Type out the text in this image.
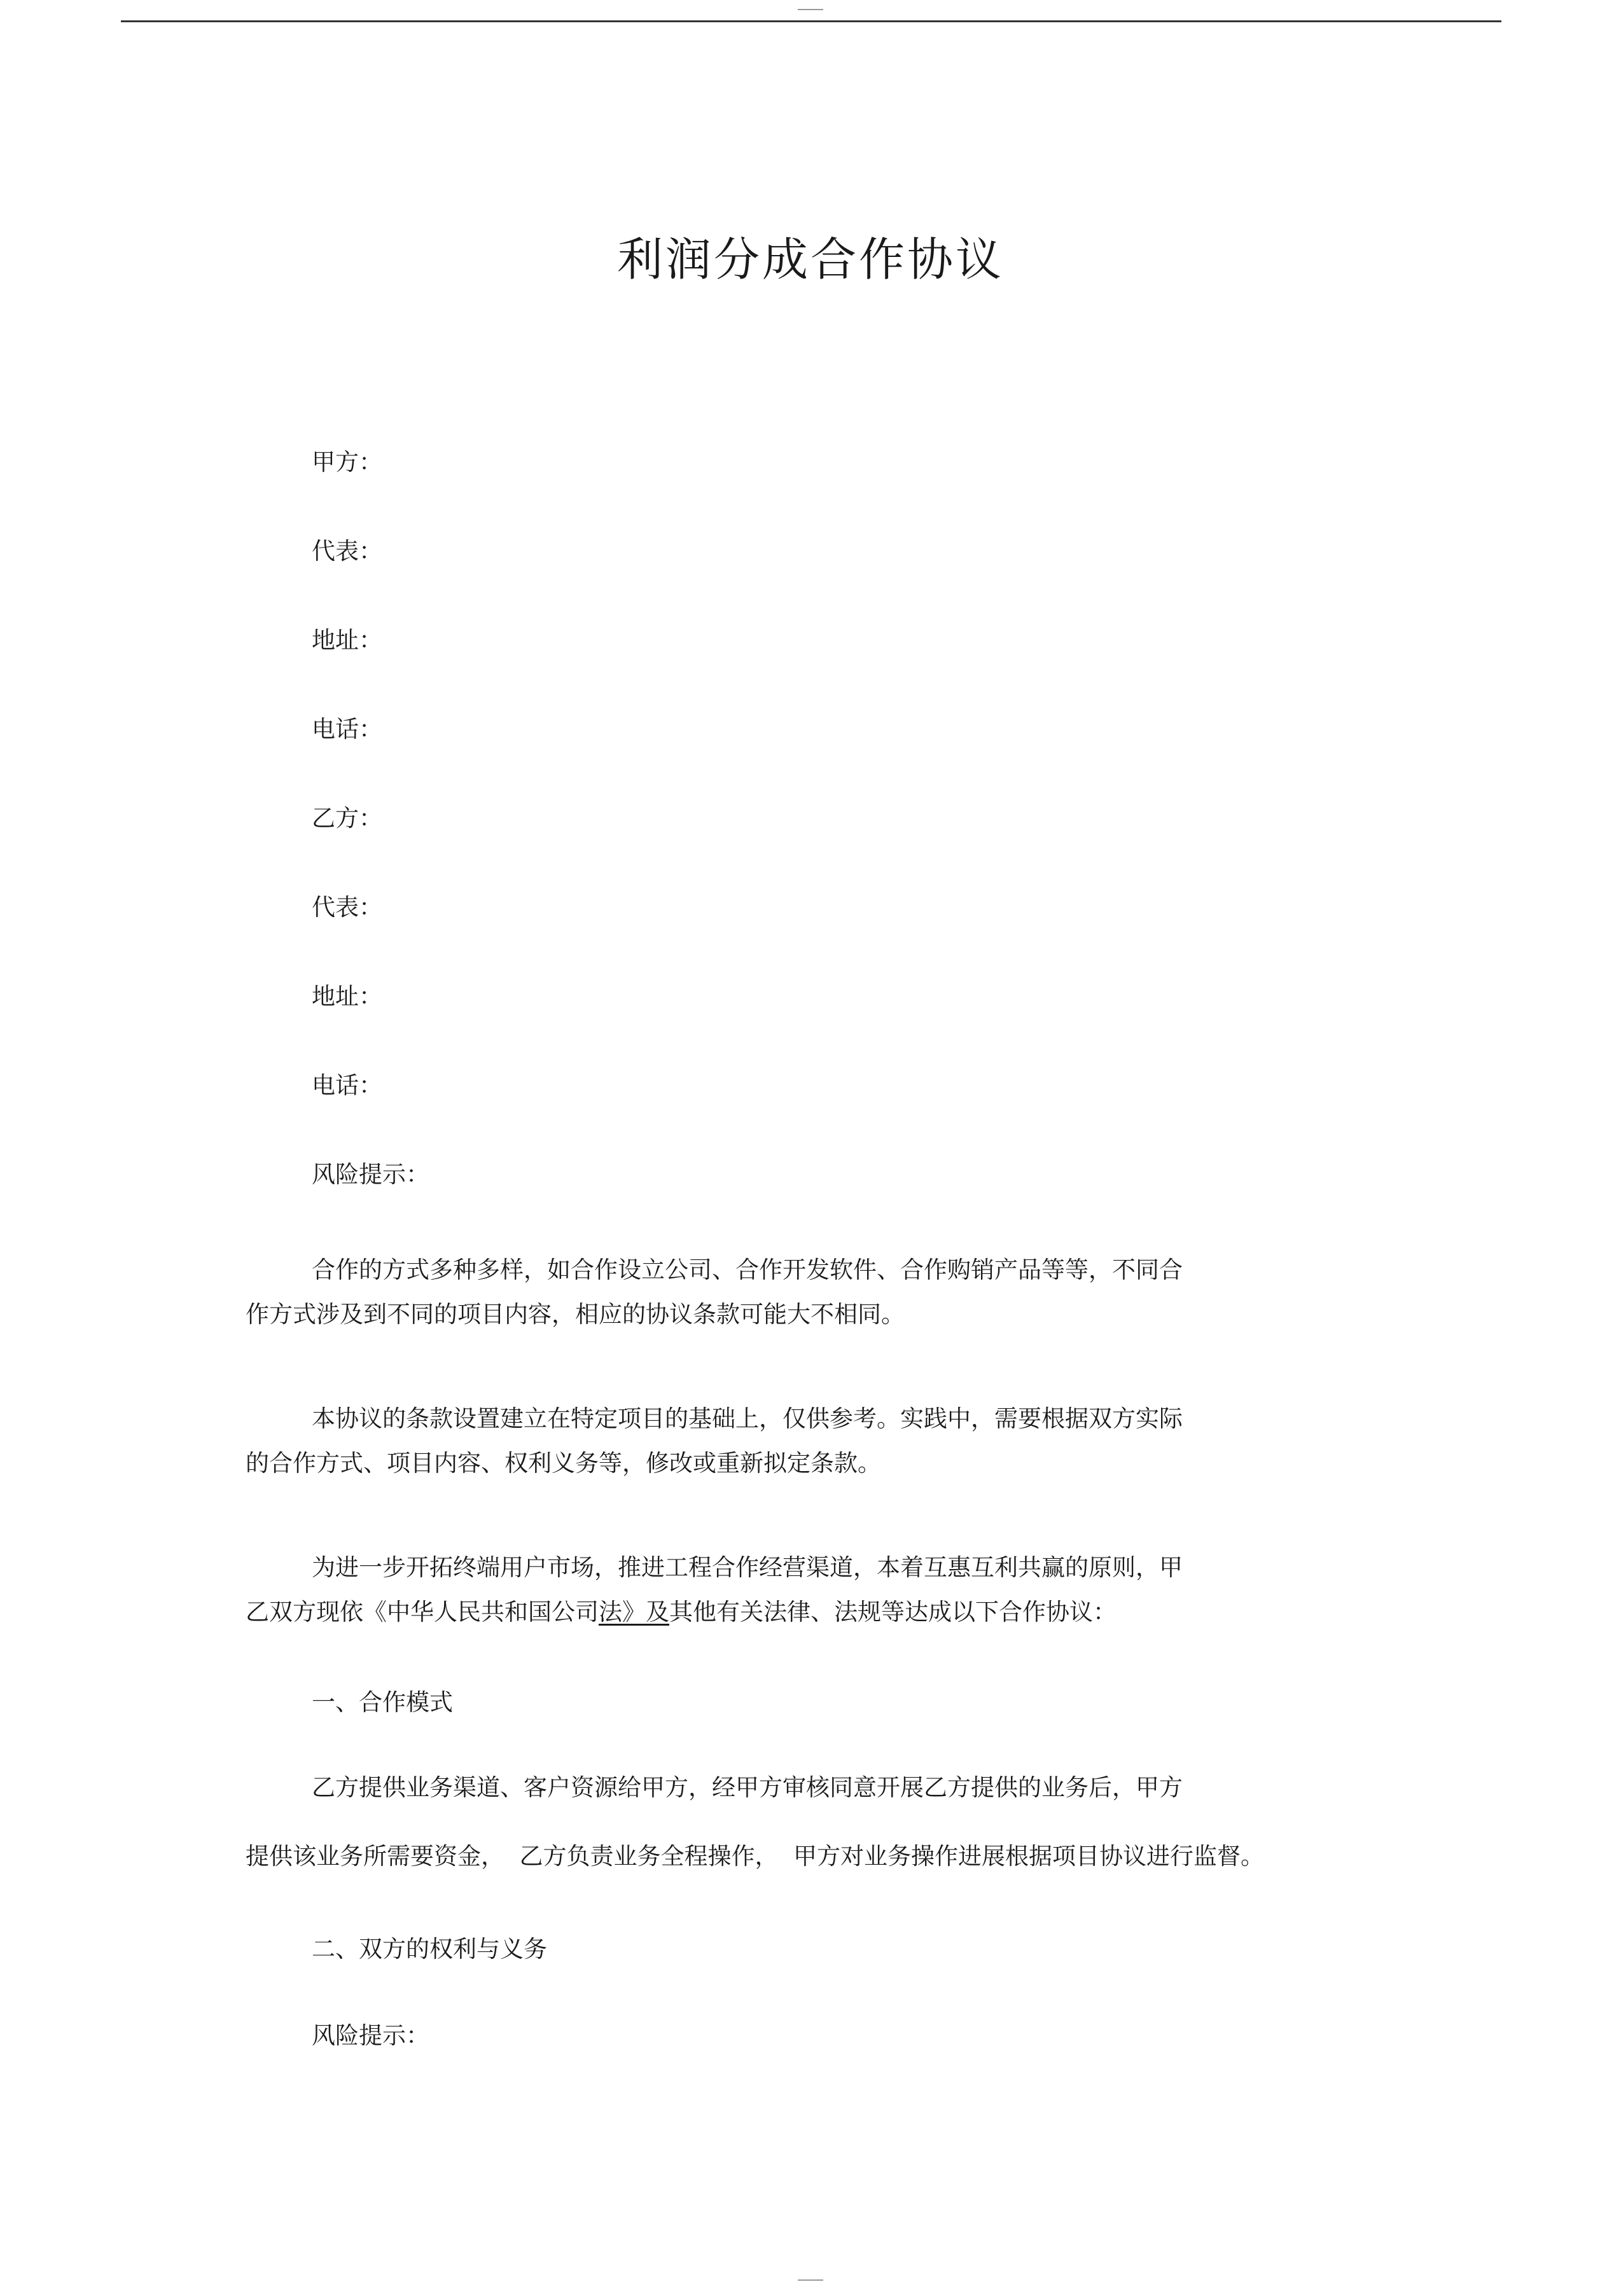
利润分成合作协议
甲方：
代表：
地址：
电话：
乙方：
代表：
地址：
电话：
风险提示：
合作的方式多种多样，如合作设立公司、合作开发软件、合作购销产品等等，不同合
作方式涉及到不同的项目内容，相应的协议条款可能大不相同。
本协议的条款设置建立在特定项目的基础上，仅供参考。实践中，需要根据双方实际
的合作方式、项目内容、权利义务等，修改或重新拟定条款。
为进一步开拓终端用户市场，推进工程合作经营渠道，本着互惠互利共赢的原则，甲
乙双方现依《中华人民共和国公司法》及其他有关法律、法规等达成以下合作协议：
一、合作模式
乙方提供业务渠道、客户资源给甲方，经甲方审核同意开展乙方提供的业务后，甲方
提供该业务所需要资金，  乙方负责业务全程操作，  甲方对业务操作进展根据项目协议进行监督。
二、双方的权利与义务
风险提示：
